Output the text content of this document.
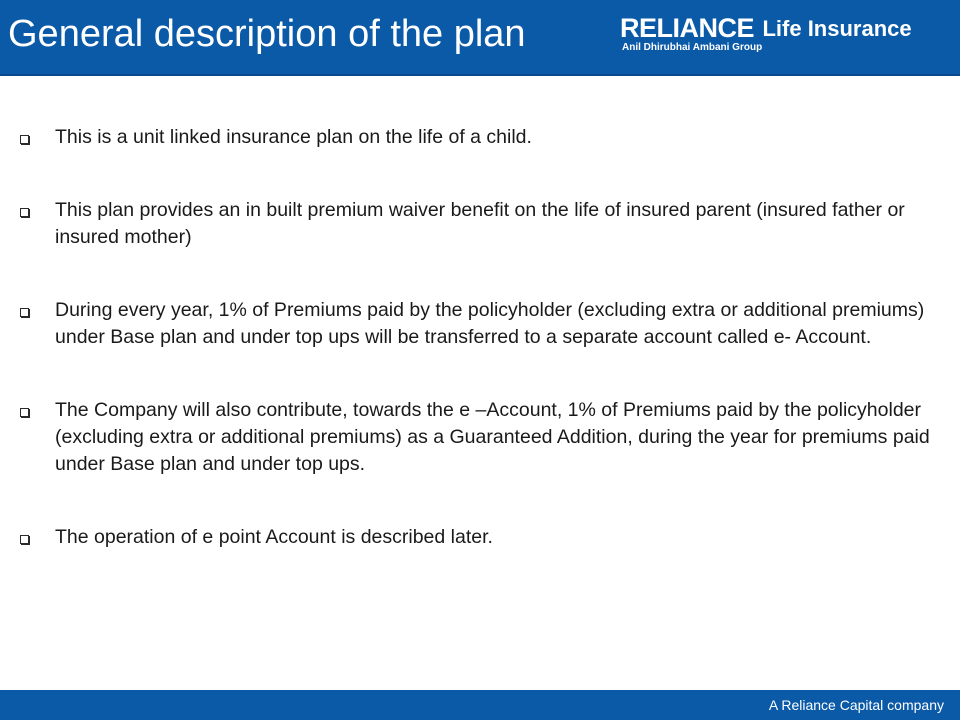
General description of the plan	RELIANCE Life Insurance
Anil Dhirubhai Ambani Group
This is a unit linked insurance plan on the life of a child.
This plan provides an in built premium waiver benefit on the life of insured parent (insured father or insured mother)
During every year, 1% of Premiums paid by the policyholder (excluding extra or additional premiums) under Base plan and under top ups will be transferred to a separate account called e- Account.
The Company will also contribute, towards the e –Account, 1% of Premiums paid by the policyholder (excluding extra or additional premiums) as a Guaranteed Addition, during the year for premiums paid under Base plan and under top ups.
The operation of e point Account is described later.
A Reliance Capital company
